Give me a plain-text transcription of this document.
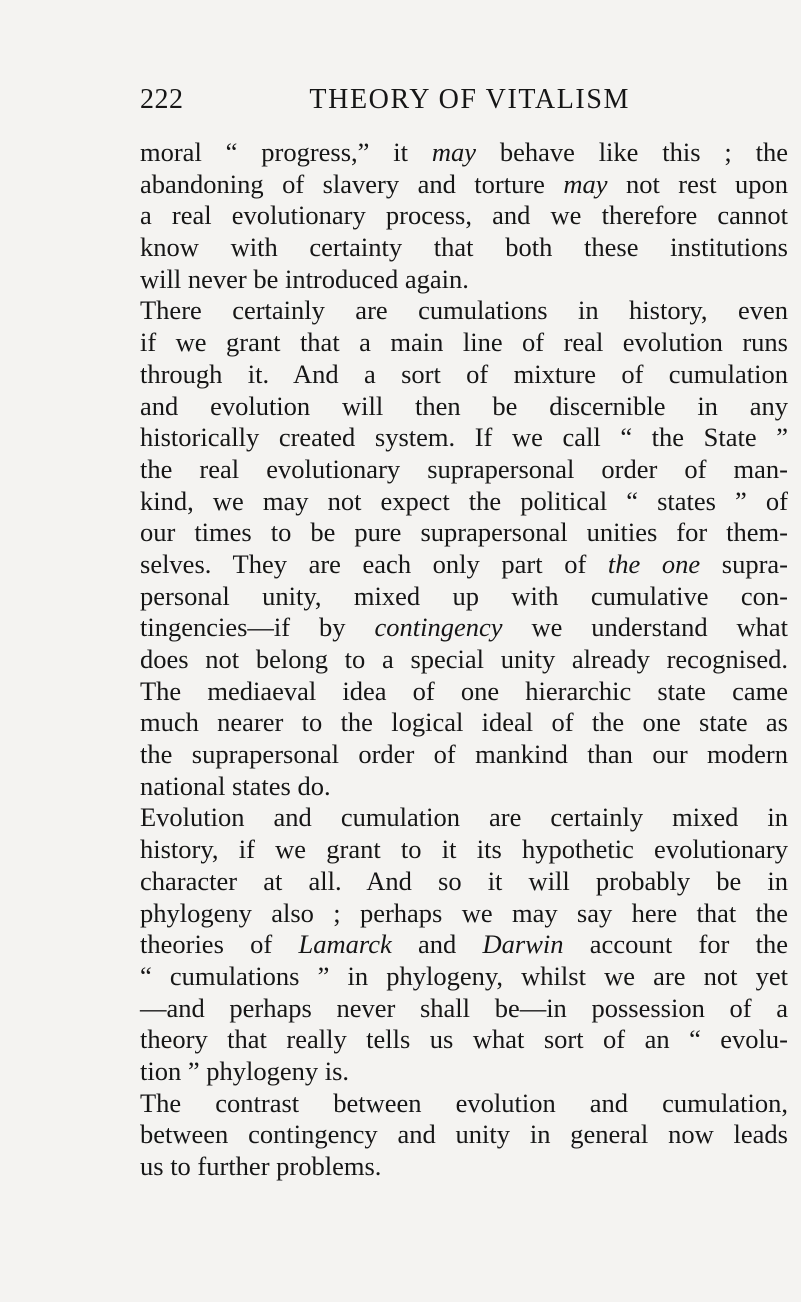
222	THEORY OF VITALISM
moral “ progress,” it may behave like this ; the
abandoning of slavery and torture may not rest upon
a real evolutionary process, and we therefore cannot
know with certainty that both these institutions
will never be introduced again.
There certainly are cumulations in history, even
if we grant that a main line of real evolution runs
through it. And a sort of mixture of cumulation
and evolution will then be discernible in any
historically created system. If we call “ the State ”
the real evolutionary suprapersonal order of man-
kind, we may not expect the political “ states ” of
our times to be pure suprapersonal unities for them-
selves. They are each only part of the one supra-
personal unity, mixed up with cumulative con-
tingencies—if by contingency we understand what
does not belong to a special unity already recognised.
The mediaeval idea of one hierarchic state came
much nearer to the logical ideal of the one state as
the suprapersonal order of mankind than our modern
national states do.
Evolution and cumulation are certainly mixed in
history, if we grant to it its hypothetic evolutionary
character at all. And so it will probably be in
phylogeny also ; perhaps we may say here that the
theories of Lamarck and Darwin account for the
“ cumulations ” in phylogeny, whilst we are not yet
—and perhaps never shall be—in possession of a
theory that really tells us what sort of an “ evolu-
tion ” phylogeny is.
The contrast between evolution and cumulation,
between contingency and unity in general now leads
us to further problems.
